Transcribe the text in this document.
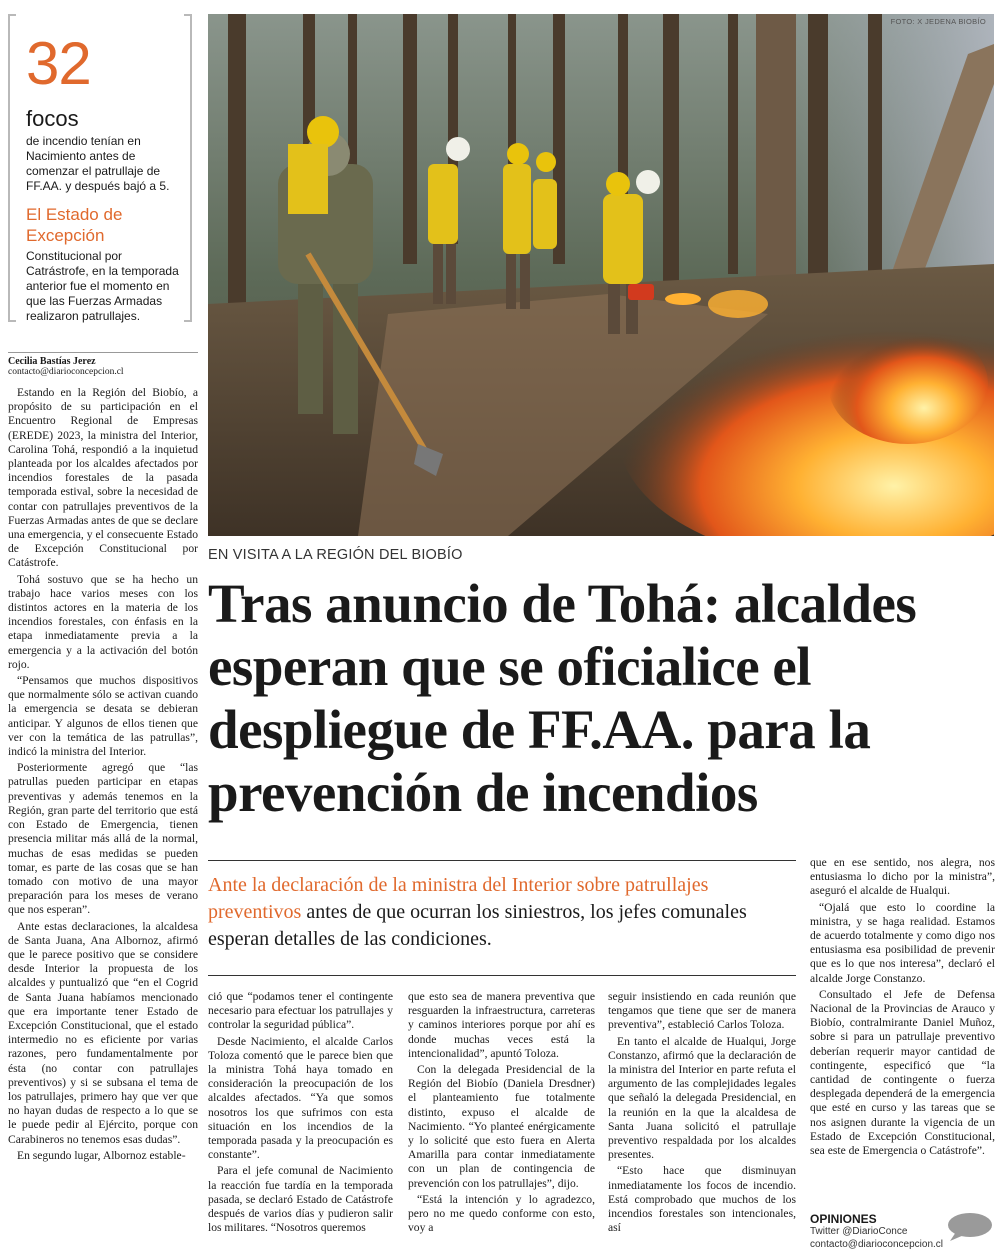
32
focos
de incendio tenían en Nacimiento antes de comenzar el patrullaje de FF.AA. y después bajó a 5.
El Estado de Excepción
Constitucional por Catrástrofe, en la temporada anterior fue el momento en que las Fuerzas Armadas realizaron patrullajes.
Cecilia Bastías Jerez
contacto@diarioconcepcion.cl

Estando en la Región del Biobío, a propósito de su participación en el Encuentro Regional de Empresas (EREDE) 2023, la ministra del Interior, Carolina Tohá, respondió a la inquietud planteada por los alcaldes afectados por incendios forestales de la pasada temporada estival, sobre la necesidad de contar con patrullajes preventivos de la Fuerzas Armadas antes de que se declare una emergencia, y el consecuente Estado de Excepción Constitucional por Catástrofe.

Tohá sostuvo que se ha hecho un trabajo hace varios meses con los distintos actores en la materia de los incendios forestales, con énfasis en la etapa inmediatamente previa a la emergencia y a la activación del botón rojo.

“Pensamos que muchos dispositivos que normalmente sólo se activan cuando la emergencia se desata se debieran anticipar. Y algunos de ellos tienen que ver con la temática de las patrullas”, indicó la ministra del Interior.

Posteriormente agregó que “las patrullas pueden participar en etapas preventivas y además tenemos en la Región, gran parte del territorio que está con Estado de Emergencia, tienen presencia militar más allá de la normal, muchas de esas medidas se pueden tomar, es parte de las cosas que se han tomado con motivo de una mayor preparación para los meses de verano que nos esperan”.

Ante estas declaraciones, la alcaldesa de Santa Juana, Ana Albornoz, afirmó que le parece positivo que se considere desde Interior la propuesta de los alcaldes y puntualizó que “en el Cogrid de Santa Juana habíamos mencionado que era importante tener Estado de Excepción Constitucional, que el estado intermedio no es eficiente por varias razones, pero fundamentalmente por ésta (no contar con patrullajes preventivos) y si se subsana el tema de los patrullajes, primero hay que ver que no hayan dudas de respecto a lo que se le puede pedir al Ejército, porque con Carabineros no tenemos esas dudas”.

En segundo lugar, Albornoz estable-

FOTO: X JEDENA BIOBÍO
EN VISITA A LA REGIÓN DEL BIOBÍO
Tras anuncio de Tohá: alcaldes esperan que se oficialice el despliegue de FF.AA. para la prevención de incendios
Ante la declaración de la ministra del Interior sobre patrullajes preventivos antes de que ocurran los siniestros, los jefes comunales esperan detalles de las condiciones.

ció que “podamos tener el contingente necesario para efectuar los patrullajes y controlar la seguridad pública”.

Desde Nacimiento, el alcalde Carlos Toloza comentó que le parece bien que la ministra Tohá haya tomado en consideración la preocupación de los alcaldes afectados. “Ya que somos nosotros los que sufrimos con esta situación en los incendios de la temporada pasada y la preocupación es constante”.

Para el jefe comunal de Nacimiento la reacción fue tardía en la temporada pasada, se declaró Estado de Catástrofe después de varios días y pudieron salir los militares. “Nosotros queremos

que esto sea de manera preventiva que resguarden la infraestructura, carreteras y caminos interiores porque por ahí es donde muchas veces está la intencionalidad”, apuntó Toloza.

Con la delegada Presidencial de la Región del Biobío (Daniela Dresdner) el planteamiento fue totalmente distinto, expuso el alcalde de Nacimiento. “Yo planteé enérgicamente y lo solicité que esto fuera en Alerta Amarilla para contar inmediatamente con un plan de contingencia de prevención con los patrullajes”, dijo.

“Está la intención y lo agradezco, pero no me quedo conforme con esto, voy a

seguir insistiendo en cada reunión que tengamos que tiene que ser de manera preventiva”, estableció Carlos Toloza.

En tanto el alcalde de Hualqui, Jorge Constanzo, afirmó que la declaración de la ministra del Interior en parte refuta el argumento de las complejidades legales que señaló la delegada Presidencial, en la reunión en la que la alcaldesa de Santa Juana solicitó el patrullaje preventivo respaldada por los alcaldes presentes.

“Esto hace que disminuyan inmediatamente los focos de incendio. Está comprobado que muchos de los incendios forestales son intencionales, así

que en ese sentido, nos alegra, nos entusiasma lo dicho por la ministra”, aseguró el alcalde de Hualqui.

“Ojalá que esto lo coordine la ministra, y se haga realidad. Estamos de acuerdo totalmente y como digo nos entusiasma esa posibilidad de prevenir que es lo que nos interesa”, declaró el alcalde Jorge Constanzo.

Consultado el Jefe de Defensa Nacional de la Provincias de Arauco y Biobío, contralmirante Daniel Muñoz, sobre si para un patrullaje preventivo deberían requerir mayor cantidad de contingente, especificó que “la cantidad de contingente o fuerza desplegada dependerá de la emergencia que esté en curso y las tareas que se nos asignen durante la vigencia de un Estado de Excepción Constitucional, sea este de Emergencia o Catástrofe”.

OPINIONES
Twitter @DiarioConce
contacto@diarioconcepcion.cl
